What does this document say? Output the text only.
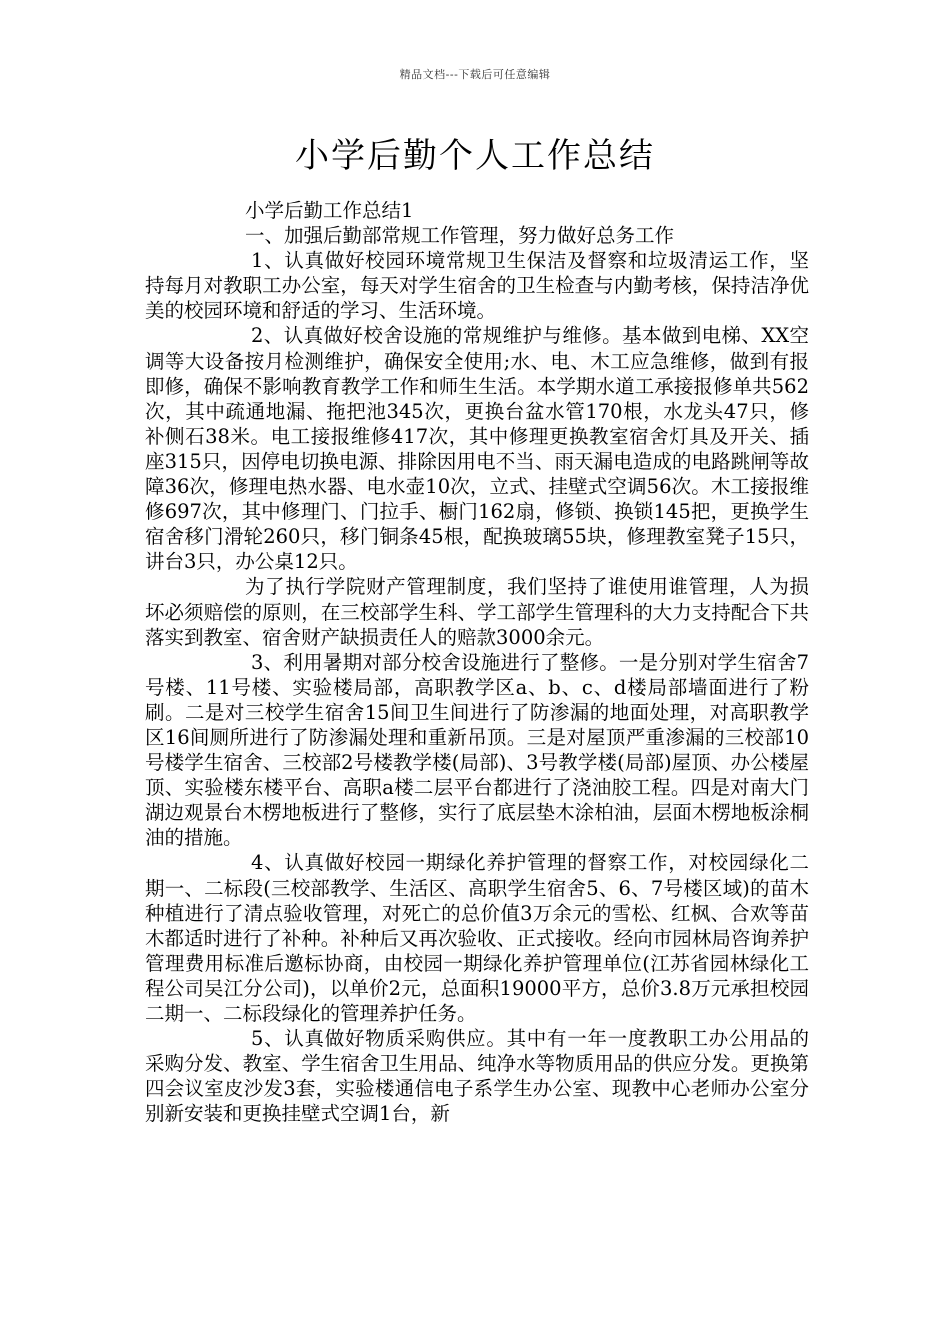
精品文档---下载后可任意编辑
小学后勤个人工作总结

小学后勤工作总结1

一、加强后勤部常规工作管理，努力做好总务工作

1、认真做好校园环境常规卫生保洁及督察和垃圾清运工作，坚持每月对教职工办公室，每天对学生宿舍的卫生检查与内勤考核，保持洁净优美的校园环境和舒适的学习、生活环境。

2、认真做好校舍设施的常规维护与维修。基本做到电梯、XX空调等大设备按月检测维护，确保安全使用;水、电、木工应急维修，做到有报即修，确保不影响教育教学工作和师生生活。本学期水道工承接报修单共562次，其中疏通地漏、拖把池345次，更换台盆水管170根，水龙头47只，修补侧石38米。电工接报维修417次，其中修理更换教室宿舍灯具及开关、插座315只，因停电切换电源、排除因用电不当、雨天漏电造成的电路跳闸等故障36次，修理电热水器、电水壶10次，立式、挂壁式空调56次。木工接报维修697次，其中修理门、门拉手、橱门162扇，修锁、换锁145把，更换学生宿舍移门滑轮260只，移门铜条45根，配换玻璃55块，修理教室凳子15只，讲台3只，办公桌12只。

为了执行学院财产管理制度，我们坚持了谁使用谁管理，人为损坏必须赔偿的原则，在三校部学生科、学工部学生管理科的大力支持配合下共落实到教室、宿舍财产缺损责任人的赔款3000余元。

3、利用暑期对部分校舍设施进行了整修。一是分别对学生宿舍7号楼、11号楼、实验楼局部，高职教学区a、b、c、d楼局部墙面进行了粉刷。二是对三校学生宿舍15间卫生间进行了防渗漏的地面处理，对高职教学区16间厕所进行了防渗漏处理和重新吊顶。三是对屋顶严重渗漏的三校部10号楼学生宿舍、三校部2号楼教学楼(局部)、3号教学楼(局部)屋顶、办公楼屋顶、实验楼东楼平台、高职a楼二层平台都进行了浇油胶工程。四是对南大门湖边观景台木楞地板进行了整修，实行了底层垫木涂柏油，层面木楞地板涂桐油的措施。

4、认真做好校园一期绿化养护管理的督察工作，对校园绿化二期一、二标段(三校部教学、生活区、高职学生宿舍5、6、7号楼区域)的苗木种植进行了清点验收管理，对死亡的总价值3万余元的雪松、红枫、合欢等苗木都适时进行了补种。补种后又再次验收、正式接收。经向市园林局咨询养护管理费用标准后邀标协商，由校园一期绿化养护管理单位(江苏省园林绿化工程公司吴江分公司)，以单价2元，总面积19000平方，总价3.8万元承担校园二期一、二标段绿化的管理养护任务。

5、认真做好物质采购供应。其中有一年一度教职工办公用品的采购分发、教室、学生宿舍卫生用品、纯净水等物质用品的供应分发。更换第四会议室皮沙发3套，实验楼通信电子系学生办公室、现教中心老师办公室分别新安装和更换挂壁式空调1台，新
